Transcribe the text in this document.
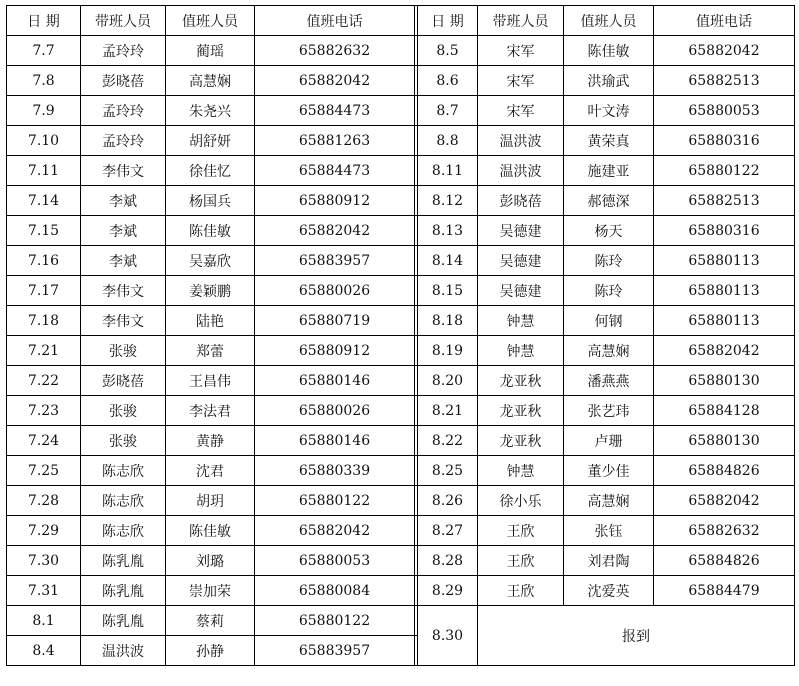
日 期	带班人员	值班人员	值班电话		日 期	带班人员	值班人员	值班电话
7.7	孟玲玲	蔺瑶	65882632		8.5	宋军	陈佳敏	65882042
7.8	彭晓蓓	高慧娴	65882042		8.6	宋军	洪瑜武	65882513
7.9	孟玲玲	朱尧兴	65884473		8.7	宋军	叶文涛	65880053
7.10	孟玲玲	胡舒妍	65881263		8.8	温洪波	黄荣真	65880316
7.11	李伟文	徐佳忆	65884473		8.11	温洪波	施建亚	65880122
7.14	李斌	杨国兵	65880912		8.12	彭晓蓓	郝德深	65882513
7.15	李斌	陈佳敏	65882042		8.13	吴德建	杨天	65880316
7.16	李斌	吴嘉欣	65883957		8.14	吴德建	陈玲	65880113
7.17	李伟文	姜颖鹏	65880026		8.15	吴德建	陈玲	65880113
7.18	李伟文	陆艳	65880719		8.18	钟慧	何钢	65880113
7.21	张骏	郑蕾	65880912		8.19	钟慧	高慧娴	65882042
7.22	彭晓蓓	王昌伟	65880146		8.20	龙亚秋	潘燕燕	65880130
7.23	张骏	李法君	65880026		8.21	龙亚秋	张艺玮	65884128
7.24	张骏	黄静	65880146		8.22	龙亚秋	卢珊	65880130
7.25	陈志欣	沈君	65880339		8.25	钟慧	董少佳	65884826
7.28	陈志欣	胡玥	65880122		8.26	徐小乐	高慧娴	65882042
7.29	陈志欣	陈佳敏	65882042		8.27	王欣	张钰	65882632
7.30	陈乳胤	刘璐	65880053		8.28	王欣	刘君陶	65884826
7.31	陈乳胤	崇加荣	65880084		8.29	王欣	沈爱英	65884479
8.1	陈乳胤	蔡莉	65880122		8.30	报到		
8.4	温洪波	孙静	65883957					
